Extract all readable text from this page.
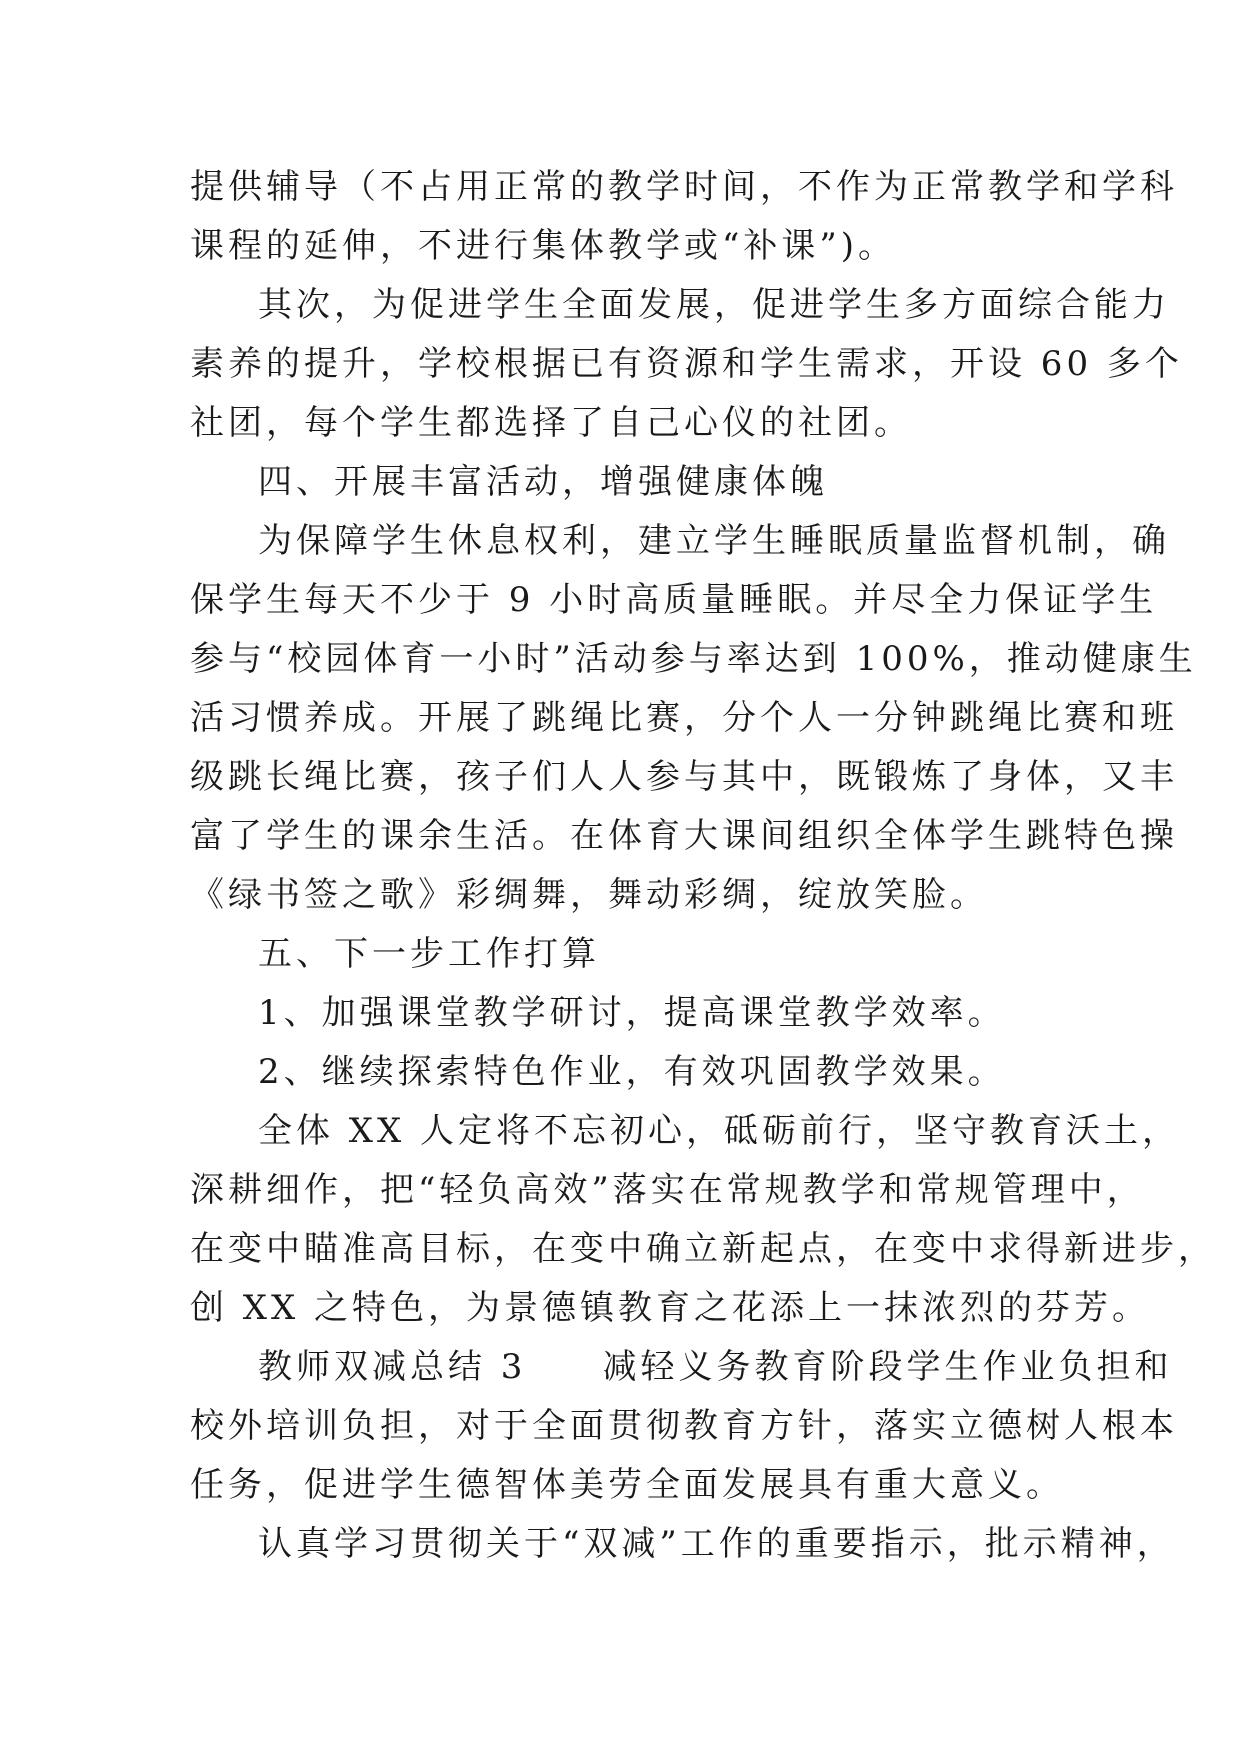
提供辅导（不占用正常的教学时间，不作为正常教学和学科
课程的延伸，不进行集体教学或“补课”)。
其次，为促进学生全面发展，促进学生多方面综合能力
素养的提升，学校根据已有资源和学生需求，开设 60 多个
社团，每个学生都选择了自己心仪的社团。
四、开展丰富活动，增强健康体魄
为保障学生休息权利，建立学生睡眠质量监督机制，确
保学生每天不少于 9 小时高质量睡眠。并尽全力保证学生
参与“校园体育一小时”活动参与率达到 100%，推动健康生
活习惯养成。开展了跳绳比赛，分个人一分钟跳绳比赛和班
级跳长绳比赛，孩子们人人参与其中，既锻炼了身体，又丰
富了学生的课余生活。在体育大课间组织全体学生跳特色操
《绿书签之歌》彩绸舞，舞动彩绸，绽放笑脸。
五、下一步工作打算
1、加强课堂教学研讨，提高课堂教学效率。
2、继续探索特色作业，有效巩固教学效果。
全体 XX 人定将不忘初心，砥砺前行，坚守教育沃土，
深耕细作，把“轻负高效”落实在常规教学和常规管理中，
在变中瞄准高目标，在变中确立新起点，在变中求得新进步，
创 XX 之特色，为景德镇教育之花添上一抹浓烈的芬芳。
教师双减总结 3　　减轻义务教育阶段学生作业负担和
校外培训负担，对于全面贯彻教育方针，落实立德树人根本
任务，促进学生德智体美劳全面发展具有重大意义。
认真学习贯彻关于“双减”工作的重要指示，批示精神，
